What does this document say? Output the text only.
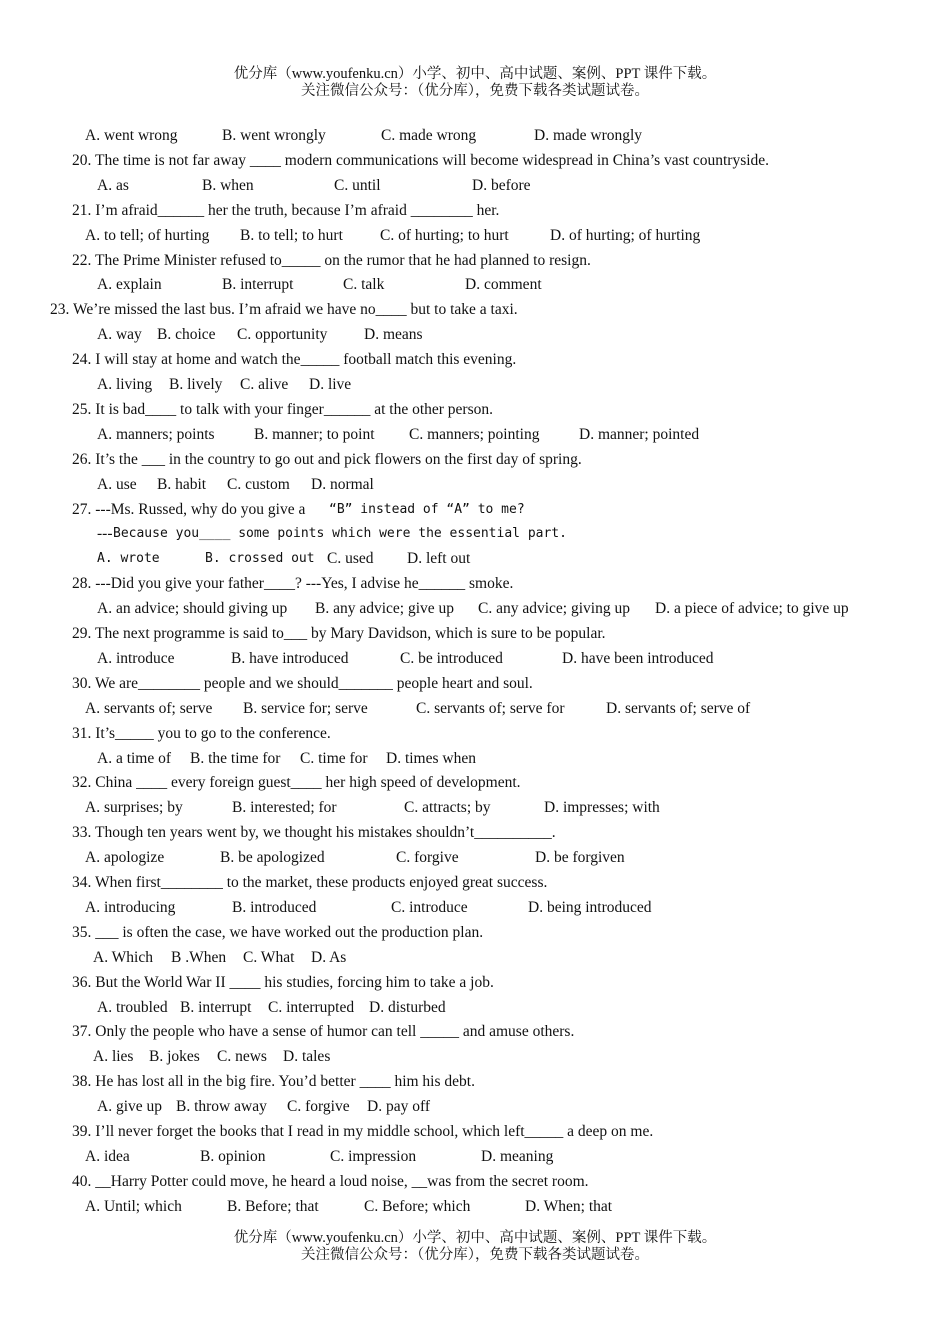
优分库（www.youfenku.cn）小学、初中、高中试题、案例、PPT 课件下载。
关注微信公众号：（优分库），免费下载各类试题试卷。
A. went wrong	B. went wrongly	C. made wrong	D. made wrongly
20. The time is not far away ____ modern communications will become widespread in China’s vast countryside.
A. as	B. when	C. until	D. before
21. I’m afraid______ her the truth, because I’m afraid ________ her.
A. to tell; of hurting B. to tell; to hurt C. of hurting; to hurt	D. of hurting; of hurting
22. The Prime Minister refused to_____ on the rumor that he had planned to resign.
A. explain	B. interrupt	C. talk	D. comment
23. We’re missed the last bus. I’m afraid we have no____ but to take a taxi.
A. way B. choice C. opportunity D. means
24. I will stay at home and watch the_____ football match this evening.
A. living B. lively C. alive D. live
25. It is bad____ to talk with your finger______ at the other person.
A. manners; points	B. manner; to point C. manners; pointing	D. manner; pointed
26. It’s the ___ in the country to go out and pick flowers on the first day of spring.
A. use B. habit C. custom D. normal
27. ---Ms. Russed, why do you give a “B” instead of “A” to me?
--- Because you____ some points which were the essential part.
A. wrote	B. crossed out C. used D. left out
28. ---Did you give your father____? ---Yes, I advise he______ smoke.
A. an advice; should giving up B. any advice; give up C. any advice; giving up D. a piece of advice; to give up
29. The next programme is said to___ by Mary Davidson, which is sure to be popular.
A. introduce	B. have introduced	C. be introduced	D. have been introduced
30. We are________ people and we should_______ people heart and soul.
A. servants of; serve B. service for; serve	C. servants of; serve for	D. servants of; serve of
31. It’s_____ you to go to the conference.
A. a time of B. the time for C. time for D. times when
32. China ____ every foreign guest____ her high speed of development.
A. surprises; by	B. interested; for	C. attracts; by	D. impresses; with
33. Though ten years went by, we thought his mistakes shouldn’t__________.
A. apologize	B. be apologized	C. forgive	D. be forgiven
34. When first________ to the market, these products enjoyed great success.
A. introducing	B. introduced	C. introduce	D. being introduced
35. ___ is often the case, we have worked out the production plan.
A. Which B .When C. What D. As
36. But the World War II ____ his studies, forcing him to take a job.
A. troubled B. interrupt C. interrupted D. disturbed
37. Only the people who have a sense of humor can tell _____ and amuse others.
A. lies B. jokes C. news D. tales
38. He has lost all in the big fire. You’d better ____ him his debt.
A. give up B. throw away C. forgive D. pay off
39. I’ll never forget the books that I read in my middle school, which left_____ a deep on me.
A. idea	B. opinion	C. impression	D. meaning
40. __Harry Potter could move, he heard a loud noise, __was from the secret room.
A. Until; which	B. Before; that	C. Before; which	D. When; that
优分库（www.youfenku.cn）小学、初中、高中试题、案例、PPT 课件下载。
关注微信公众号：（优分库），免费下载各类试题试卷。
